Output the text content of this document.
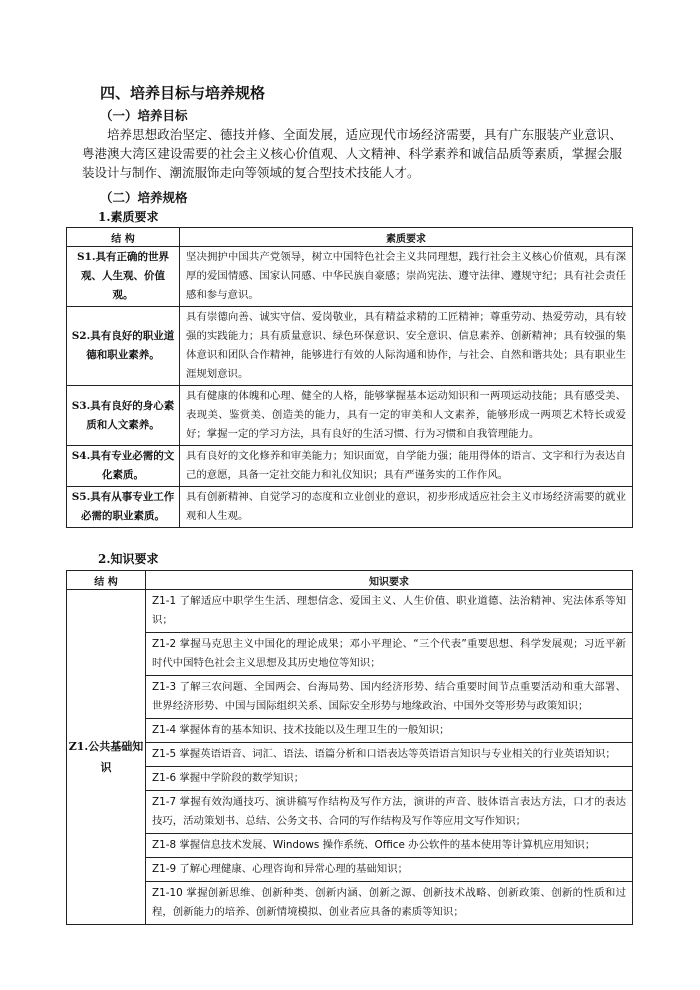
四、培养目标与培养规格
（一）培养目标
培养思想政治坚定、德技并修、全面发展，适应现代市场经济需要，具有广东服装产业意识、粤港澳大湾区建设需要的社会主义核心价值观、人文精神、科学素养和诚信品质等素质，掌握会服装设计与制作、潮流服饰走向等领域的复合型技术技能人才。
（二）培养规格
1.素质要求
结 构	素质要求
S1.具有正确的世界观、人生观、价值观。	坚决拥护中国共产党领导，树立中国特色社会主义共同理想，践行社会主义核心价值观，具有深厚的爱国情感、国家认同感、中华民族自豪感；崇尚宪法、遵守法律、遵规守纪；具有社会责任感和参与意识。
S2.具有良好的职业道德和职业素养。	具有崇德向善、诚实守信、爱岗敬业，具有精益求精的工匠精神；尊重劳动、热爱劳动，具有较强的实践能力；具有质量意识、绿色环保意识、安全意识、信息素养、创新精神；具有较强的集体意识和团队合作精神，能够进行有效的人际沟通和协作，与社会、自然和谐共处；具有职业生涯规划意识。
S3.具有良好的身心素质和人文素养。	具有健康的体魄和心理、健全的人格，能够掌握基本运动知识和一两项运动技能；具有感受美、表现美、鉴赏美、创造美的能力，具有一定的审美和人文素养，能够形成一两项艺术特长或爱好；掌握一定的学习方法，具有良好的生活习惯、行为习惯和自我管理能力。
S4.具有专业必需的文化素质。	具有良好的文化修养和审美能力；知识面宽，自学能力强；能用得体的语言、文字和行为表达自己的意愿，具备一定社交能力和礼仪知识；具有严谨务实的工作作风。
S5.具有从事专业工作必需的职业素质。	具有创新精神、自觉学习的态度和立业创业的意识，初步形成适应社会主义市场经济需要的就业观和人生观。
2.知识要求
结 构	知识要求
Z1.公共基础知识	Z1-1 了解适应中职学生生活、理想信念、爱国主义、人生价值、职业道德、法治精神、宪法体系等知识；
	Z1-2 掌握马克思主义中国化的理论成果；邓小平理论、“三个代表”重要思想、科学发展观；习近平新时代中国特色社会主义思想及其历史地位等知识；
	Z1-3 了解三农问题、全国两会、台海局势、国内经济形势、结合重要时间节点重要活动和重大部署、世界经济形势、中国与国际组织关系、国际安全形势与地缘政治、中国外交等形势与政策知识；
	Z1-4 掌握体育的基本知识、技术技能以及生理卫生的一般知识；
	Z1-5 掌握英语语音、词汇、语法、语篇分析和口语表达等英语语言知识与专业相关的行业英语知识；
	Z1-6 掌握中学阶段的数学知识；
	Z1-7 掌握有效沟通技巧、演讲稿写作结构及写作方法，演讲的声音、肢体语言表达方法，口才的表达技巧，活动策划书、总结、公务文书、合同的写作结构及写作等应用文写作知识；
	Z1-8 掌握信息技术发展、Windows 操作系统、Office 办公软件的基本使用等计算机应用知识；
	Z1-9 了解心理健康、心理咨询和异常心理的基础知识；
	Z1-10 掌握创新思维、创新种类、创新内涵、创新之源、创新技术战略、创新政策、创新的性质和过程，创新能力的培养、创新情境模拟、创业者应具备的素质等知识；
